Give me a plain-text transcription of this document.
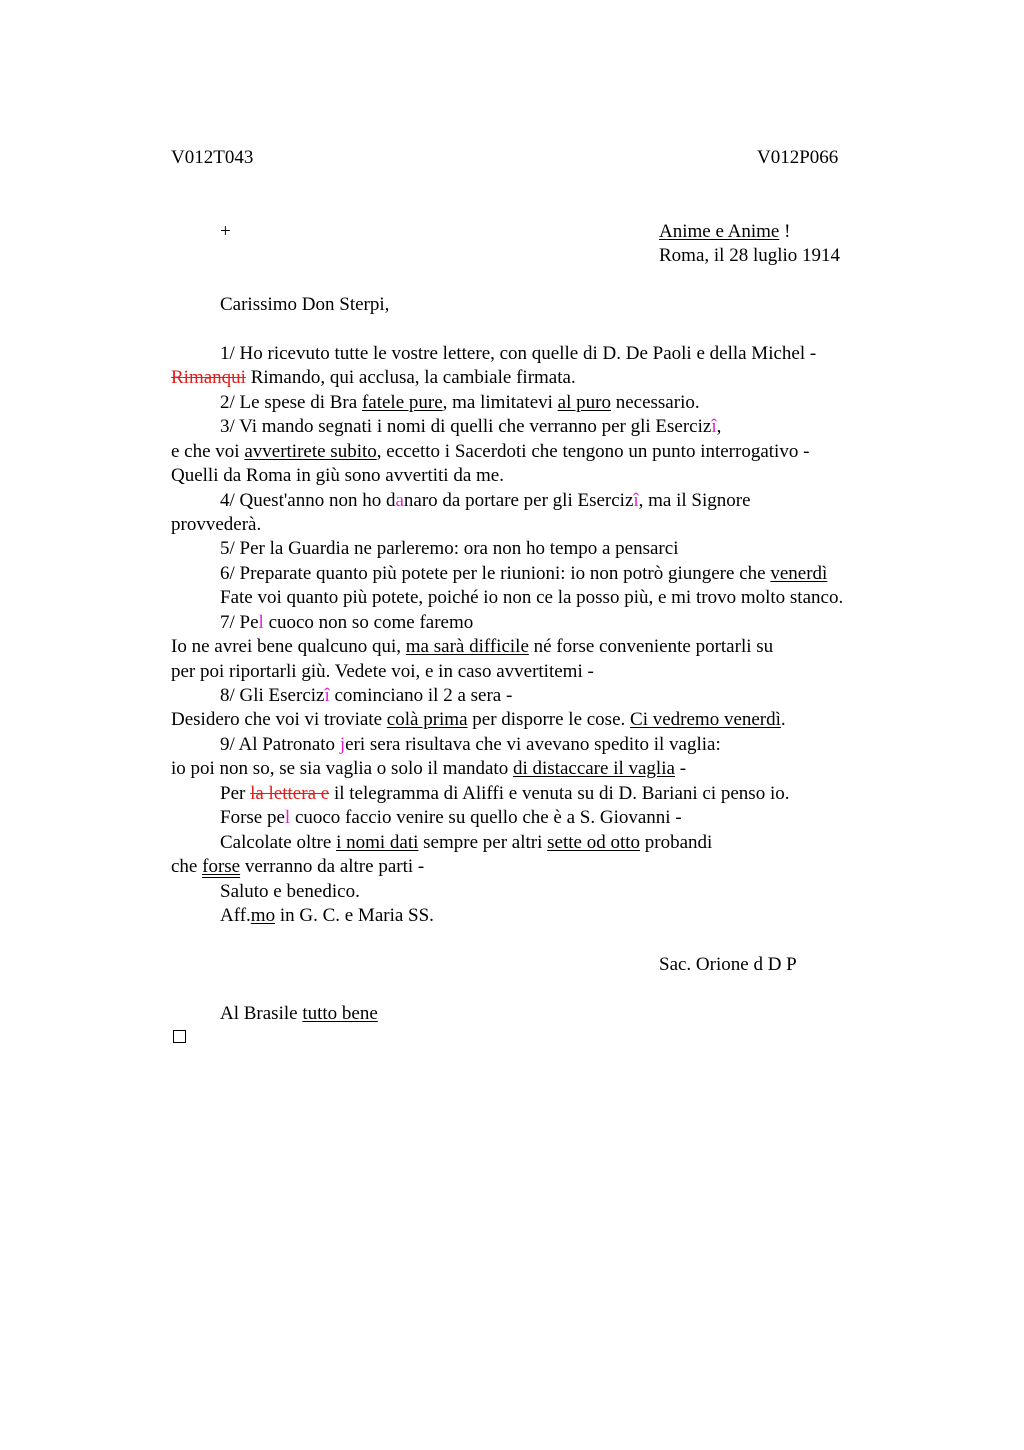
V012T043	V012P066
+	Anime e Anime !
Roma, il 28 luglio 1914
Carissimo Don Sterpi,
1/ Ho ricevuto tutte le vostre lettere, con quelle di D. De Paoli e della Michel -
Rimanqui Rimando, qui acclusa, la cambiale firmata.
2/ Le spese di Bra fatele pure, ma limitatevi al puro necessario.
3/ Vi mando segnati i nomi di quelli che verranno per gli Esercizî,
e che voi avvertirete subito, eccetto i Sacerdoti che tengono un punto interrogativo -
Quelli da Roma in giù sono avvertiti da me.
4/ Quest'anno non ho danaro da portare per gli Esercizî, ma il Signore
provvederà.
5/ Per la Guardia ne parleremo: ora non ho tempo a pensarci
6/ Preparate quanto più potete per le riunioni: io non potrò giungere che venerdì
Fate voi quanto più potete, poiché io non ce la posso più, e mi trovo molto stanco.
7/ Pel cuoco non so come faremo
Io ne avrei bene qualcuno qui, ma sarà difficile né forse conveniente portarli su
per poi riportarli giù. Vedete voi, e in caso avvertitemi -
8/ Gli Esercizî cominciano il 2 a sera -
Desidero che voi vi troviate colà prima per disporre le cose. Ci vedremo venerdì.
9/ Al Patronato jeri sera risultava che vi avevano spedito il vaglia:
io poi non so, se sia vaglia o solo il mandato di distaccare il vaglia -
Per la lettera e il telegramma di Aliffi e venuta su di D. Bariani ci penso io.
Forse pel cuoco faccio venire su quello che è a S. Giovanni -
Calcolate oltre i nomi dati sempre per altri sette od otto probandi
che forse verranno da altre parti -
Saluto e benedico.
Aff.mo in G. C. e Maria SS.
Sac. Orione d D P
Al Brasile tutto bene
